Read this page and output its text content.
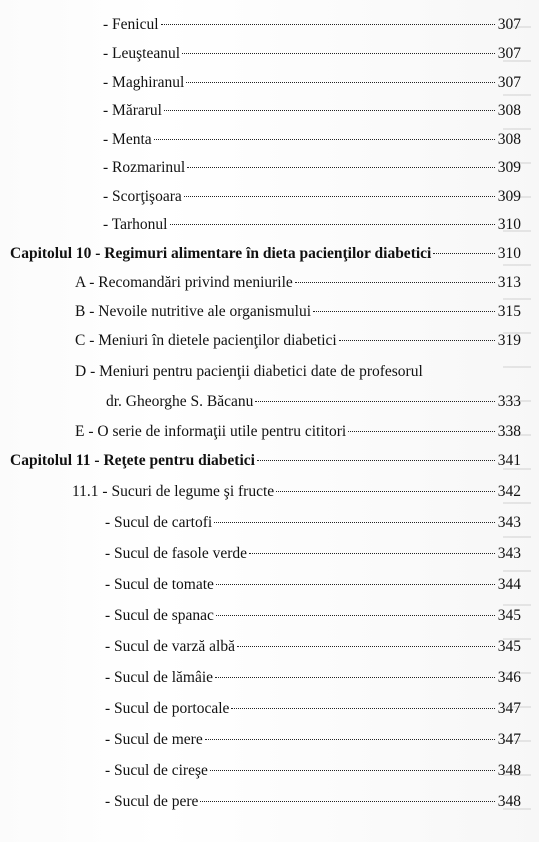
- Fenicul	307
- Leuşteanul	307
- Maghiranul	307
- Mărarul	308
- Menta	308
- Rozmarinul	309
- Scorţişoara	309
- Tarhonul	310
Capitolul 10 - Regimuri alimentare în dieta pacienţilor diabetici	310
A - Recomandări privind meniurile	313
B - Nevoile nutritive ale organismului	315
C - Meniuri în dietele pacienţilor diabetici	319
D - Meniuri pentru pacienţii diabetici date de profesorul
dr. Gheorghe S. Băcanu	333
E - O serie de informaţii utile pentru cititori	338
Capitolul 11 - Reţete pentru diabetici	341
11.1 - Sucuri de legume şi fructe	342
- Sucul de cartofi	343
- Sucul de fasole verde	343
- Sucul de tomate	344
- Sucul de spanac	345
- Sucul de varză albă	345
- Sucul de lămâie	346
- Sucul de portocale	347
- Sucul de mere	347
- Sucul de cireşe	348
- Sucul de pere	348
